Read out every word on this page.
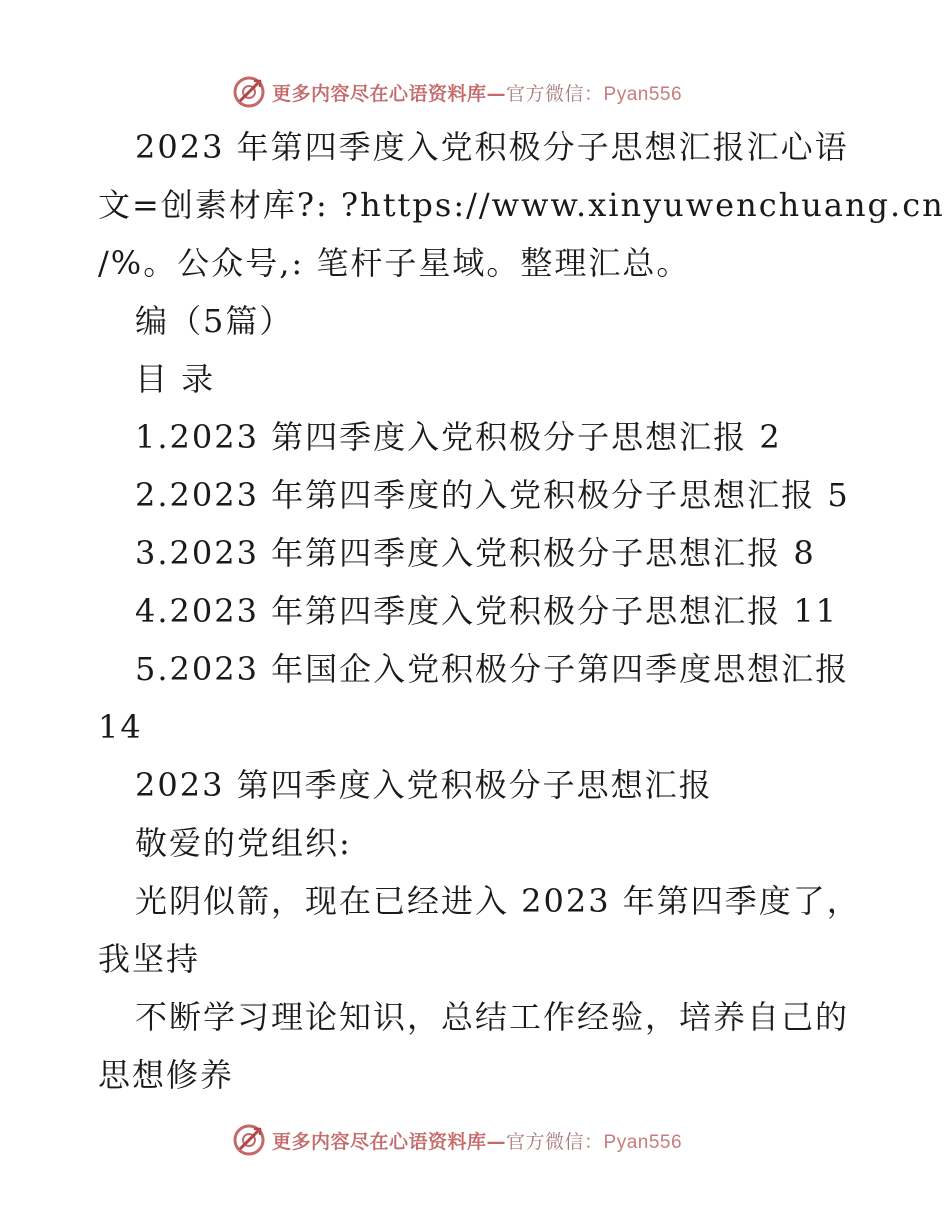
更多内容尽在心语资料库—官方微信：Pyan556
2023 年第四季度入党积极分子思想汇报汇心语
文=创素材库?: ?https://www.xinyuwenchuang.cn
/%。公众号,: 笔杆子星域。整理汇总。
编（5篇）
目 录
1.2023 第四季度入党积极分子思想汇报 2
2.2023 年第四季度的入党积极分子思想汇报 5
3.2023 年第四季度入党积极分子思想汇报 8
4.2023 年第四季度入党积极分子思想汇报 11
5.2023 年国企入党积极分子第四季度思想汇报
14
2023 第四季度入党积极分子思想汇报
敬爱的党组织:
光阴似箭，现在已经进入 2023 年第四季度了，
我坚持
不断学习理论知识，总结工作经验，培养自己的
思想修养
更多内容尽在心语资料库—官方微信：Pyan556
